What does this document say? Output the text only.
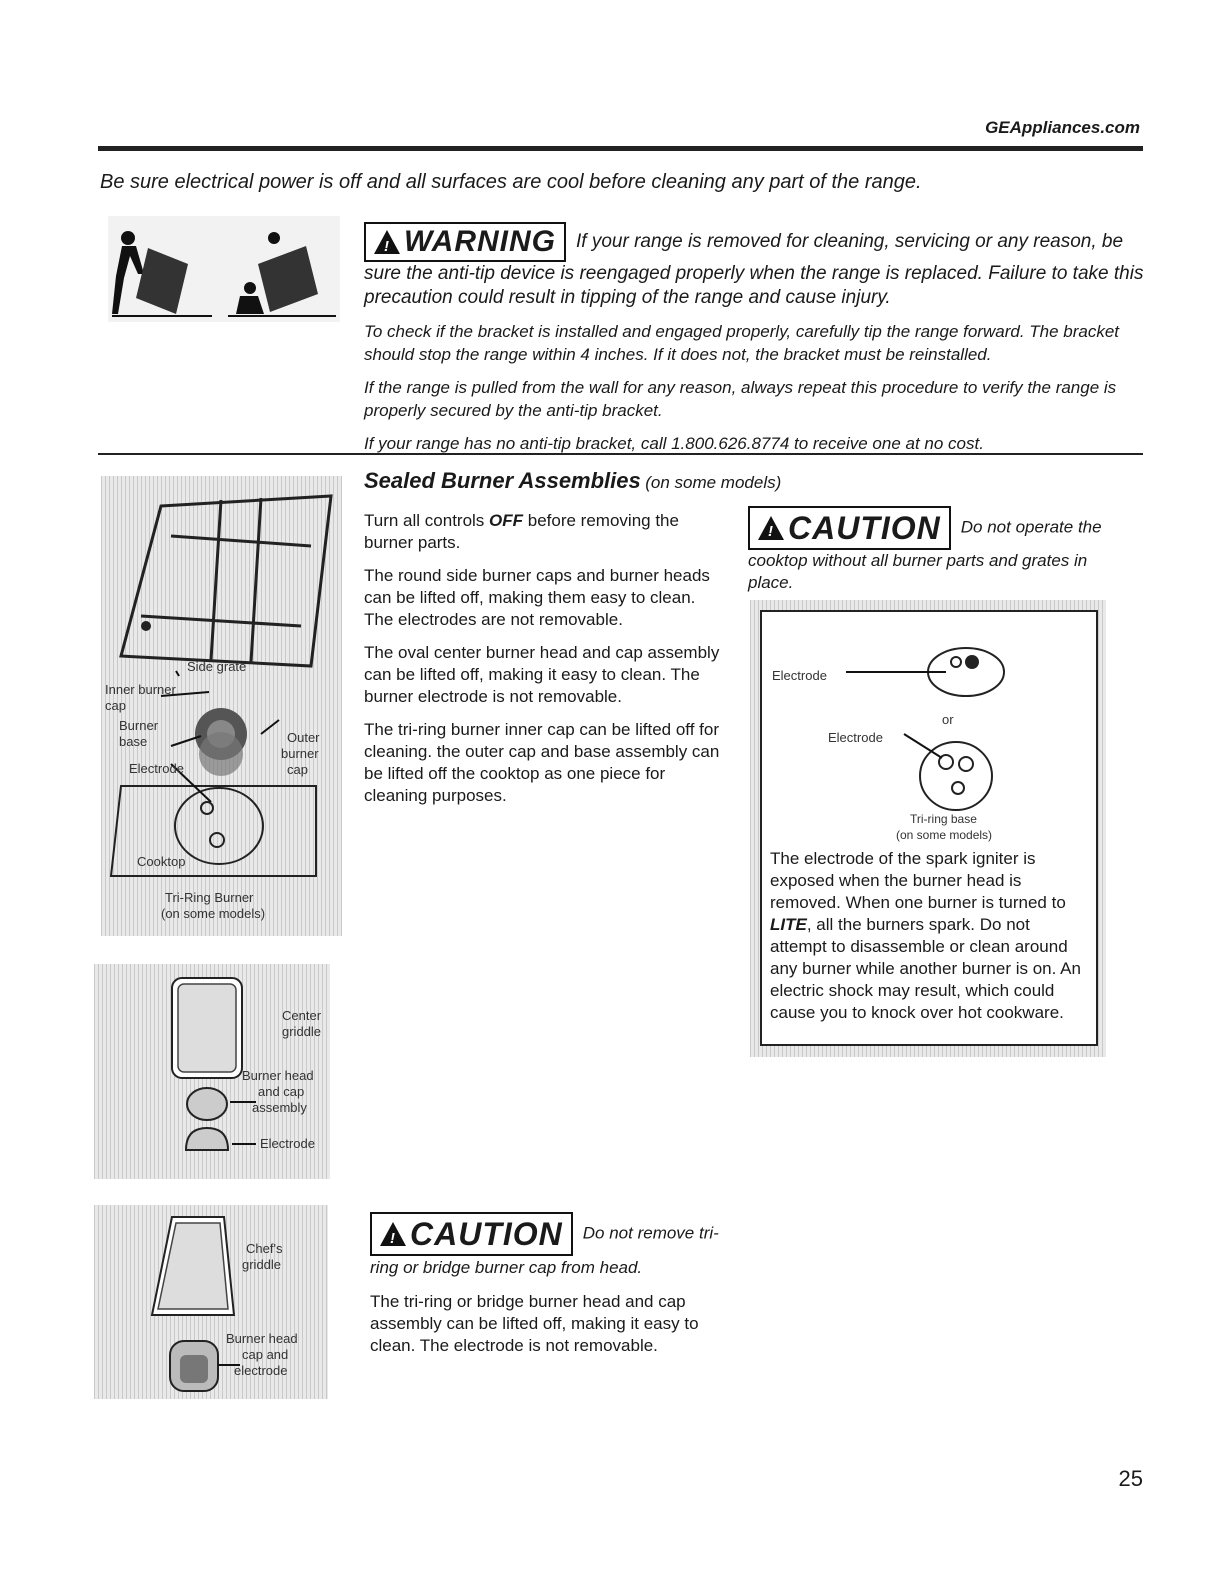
GEAppliances.com
Be sure electrical power is off and all surfaces are cool before cleaning any part of the range.

!
WARNING If your range is removed for cleaning, servicing or any reason, be sure the anti-tip device is reengaged properly when the range is replaced. Failure to take this precaution could result in tipping of the range and cause injury.

To check if the bracket is installed and engaged properly, carefully tip the range forward. The bracket should stop the range within 4 inches. If it does not, the bracket must be reinstalled.

If the range is pulled from the wall for any reason, always repeat this procedure to verify the range is properly secured by the anti-tip bracket.

If your range has no anti-tip bracket, call 1.800.626.8774 to receive one at no cost.

Side grate
Inner burner
cap
Burner
base	Outer
burner
cap
Electrode
Cooktop
Tri-Ring Burner
(on some models)
Center
griddle
Burner head
and cap
assembly
Electrode
Chef's
griddle
Burner head
cap and
electrode
Sealed Burner Assemblies (on some models)

Turn all controls OFF before removing the burner parts.

The round side burner caps and burner heads can be lifted off, making them easy to clean. The electrodes are not removable.

The oval center burner head and cap assembly can be lifted off, making it easy to clean. The burner electrode is not removable.

The tri-ring burner inner cap can be lifted off for cleaning. the outer cap and base assembly can be lifted off the cooktop as one piece for cleaning purposes.

!
CAUTION Do not operate the cooktop without all burner parts and grates in place.

Electrode
or
Electrode
Tri-ring base
(on some models)

The electrode of the spark igniter is exposed when the burner head is removed. When one burner is turned to LITE, all the burners spark. Do not attempt to disassemble or clean around any burner while another burner is on. An electric shock may result, which could cause you to knock over hot cookware.

!
CAUTION Do not remove tri-ring or bridge burner cap from head.

The tri-ring or bridge burner head and cap assembly can be lifted off, making it easy to clean. The electrode is not removable.

25
